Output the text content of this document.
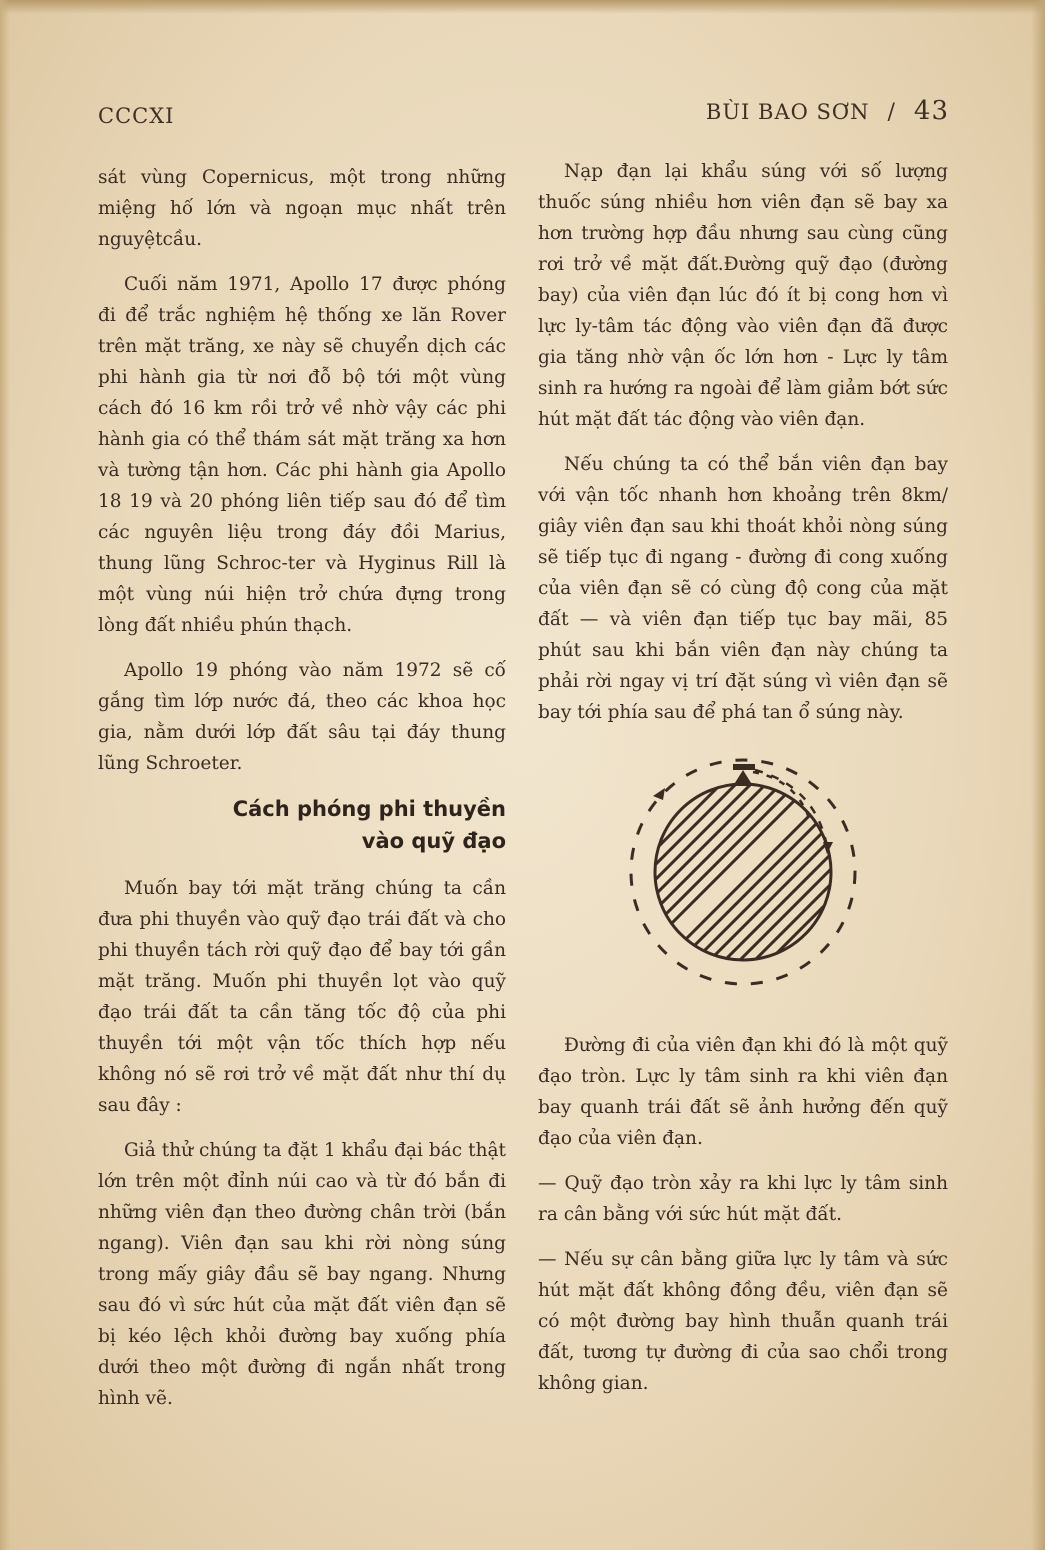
CCCXI	BÙI BAO SƠN / 43

sát vùng Copernicus, một trong những miệng hố lớn và ngoạn mục nhất trên nguyệtcầu.

Cuối năm 1971, Apollo 17 được phóng đi để trắc nghiệm hệ thống xe lăn Rover trên mặt trăng, xe này sẽ chuyển dịch các phi hành gia từ nơi đỗ bộ tới một vùng cách đó 16 km rồi trở về nhờ vậy các phi hành gia có thể thám sát mặt trăng xa hơn và tường tận hơn. Các phi hành gia Apollo 18 19 và 20 phóng liên tiếp sau đó để tìm các nguyên liệu trong đáy đồi Marius, thung lũng Schroc-ter và Hyginus Rill là một vùng núi hiện trở chứa đựng trong lòng đất nhiều phún thạch.

Apollo 19 phóng vào năm 1972 sẽ cố gắng tìm lớp nước đá, theo các khoa học gia, nằm dưới lớp đất sâu tại đáy thung lũng Schroeter.

Cách phóng phi thuyền
vào quỹ đạo

Muốn bay tới mặt trăng chúng ta cần đưa phi thuyền vào quỹ đạo trái đất và cho phi thuyền tách rời quỹ đạo để bay tới gần mặt trăng. Muốn phi thuyền lọt vào quỹ đạo trái đất ta cần tăng tốc độ của phi thuyền tới một vận tốc thích hợp nếu không nó sẽ rơi trở về mặt đất như thí dụ sau đây :

Giả thử chúng ta đặt 1 khẩu đại bác thật lớn trên một đỉnh núi cao và từ đó bắn đi những viên đạn theo đường chân trời (bắn ngang). Viên đạn sau khi rời nòng súng trong mấy giây đầu sẽ bay ngang. Nhưng sau đó vì sức hút của mặt đất viên đạn sẽ bị kéo lệch khỏi đường bay xuống phía dưới theo một đường đi ngắn nhất trong hình vẽ.

Nạp đạn lại khẩu súng với số lượng thuốc súng nhiều hơn viên đạn sẽ bay xa hơn trường hợp đầu nhưng sau cùng cũng rơi trở về mặt đất.Đường quỹ đạo (đường bay) của viên đạn lúc đó ít bị cong hơn vì lực ly-tâm tác động vào viên đạn đã được gia tăng nhờ vận ốc lớn hơn - Lực ly tâm sinh ra hướng ra ngoài để làm giảm bớt sức hút mặt đất tác động vào viên đạn.

Nếu chúng ta có thể bắn viên đạn bay với vận tốc nhanh hơn khoảng trên 8km/ giây viên đạn sau khi thoát khỏi nòng súng sẽ tiếp tục đi ngang - đường đi cong xuống của viên đạn sẽ có cùng độ cong của mặt đất — và viên đạn tiếp tục bay mãi, 85 phút sau khi bắn viên đạn này chúng ta phải rời ngay vị trí đặt súng vì viên đạn sẽ bay tới phía sau để phá tan ổ súng này.

Đường đi của viên đạn khi đó là một quỹ đạo tròn. Lực ly tâm sinh ra khi viên đạn bay quanh trái đất sẽ ảnh hưởng đến quỹ đạo của viên đạn.

— Quỹ đạo tròn xảy ra khi lực ly tâm sinh ra cân bằng với sức hút mặt đất.

— Nếu sự cân bằng giữa lực ly tâm và sức hút mặt đất không đồng đều, viên đạn sẽ có một đường bay hình thuẫn quanh trái đất, tương tự đường đi của sao chổi trong không gian.
